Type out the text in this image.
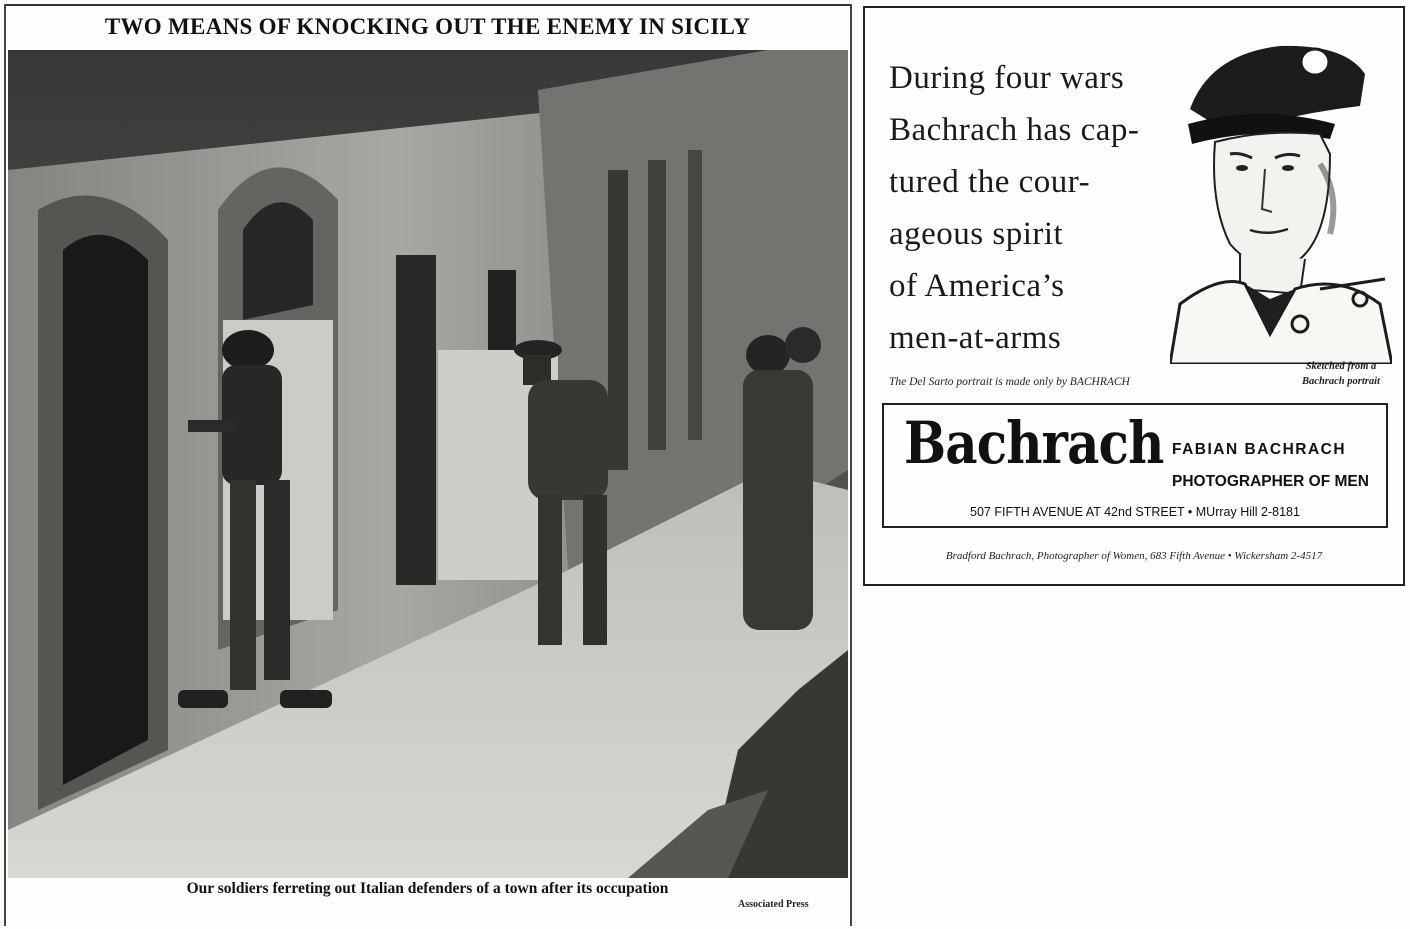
TWO MEANS OF KNOCKING OUT THE ENEMY IN SICILY
Our soldiers ferreting out Italian defenders of a town after its occupation
Associated Press
During four wars
Bachrach has cap-
tured the cour-
ageous spirit
of America’s
men-at-arms
The Del Sarto portrait is made only by BACHRACH
Sketched from a
Bachrach portrait
Bachrach FABIAN BACHRACH
PHOTOGRAPHER OF MEN
507 FIFTH AVENUE AT 42nd STREET • MUrray Hill 2-8181
Bradford Bachrach, Photographer of Women, 683 Fifth Avenue • Wickersham 2-4517
